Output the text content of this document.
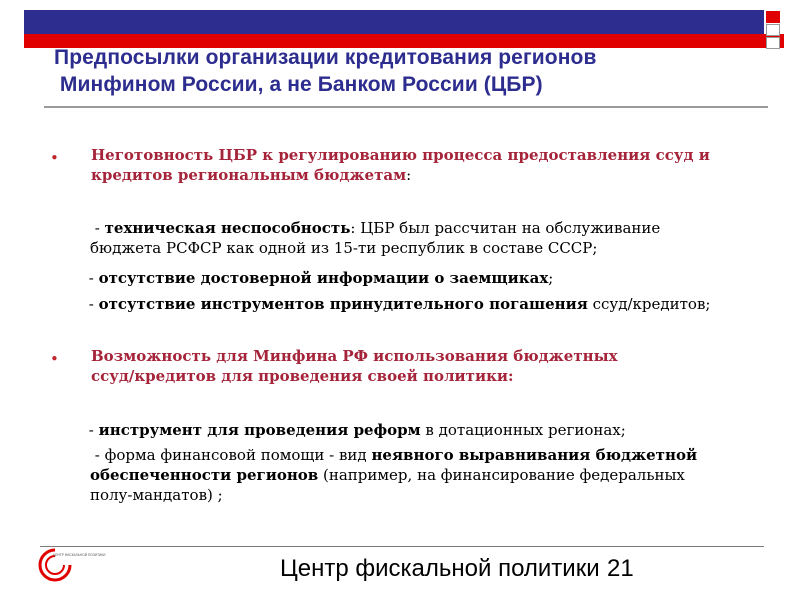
Предпосылки организации кредитования регионов
Минфином России, а не Банком России (ЦБР)
• Неготовность ЦБР к регулированию процесса предоставления ссуд и кредитов региональным бюджетам:
- техническая неспособность: ЦБР был рассчитан на обслуживание бюджета РСФСР как одной из 15-ти республик в составе СССР;
- отсутствие достоверной информации о заемщиках;
- отсутствие инструментов принудительного погашения ссуд/кредитов;
• Возможность для Минфина РФ использования бюджетных ссуд/кредитов для проведения своей политики:
- инструмент для проведения реформ в дотационных регионах;
- форма финансовой помощи - вид неявного выравнивания бюджетной обеспеченности регионов (например, на финансирование федеральных полу-мандатов) ;
ЦЕНТР ФИСКАЛЬНОЙ ПОЛИТИКИ	Центр фискальной политики 21
